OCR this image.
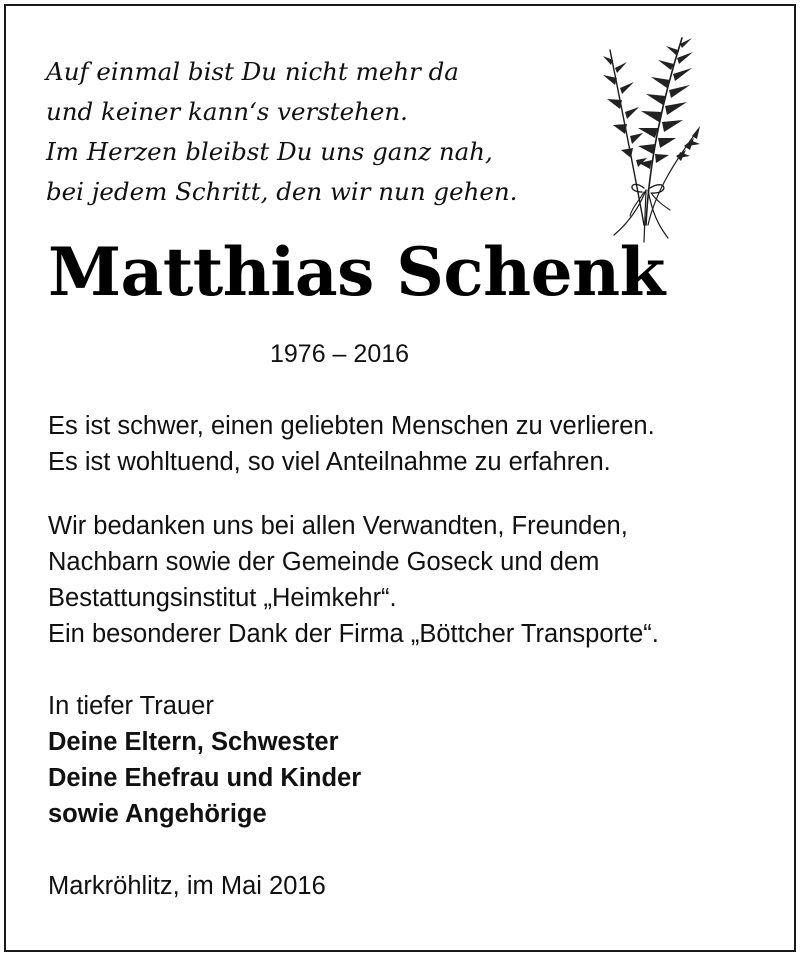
Auf einmal bist Du nicht mehr da
und keiner kann‘s verstehen.
Im Herzen bleibst Du uns ganz nah,
bei jedem Schritt, den wir nun gehen.
Matthias Schenk
1976 – 2016
Es ist schwer, einen geliebten Menschen zu verlieren.
Es ist wohltuend, so viel Anteilnahme zu erfahren.
Wir bedanken uns bei allen Verwandten, Freunden,
Nachbarn sowie der Gemeinde Goseck und dem
Bestattungsinstitut „Heimkehr“.
Ein besonderer Dank der Firma „Böttcher Transporte“.
In tiefer Trauer
Deine Eltern, Schwester
Deine Ehefrau und Kinder
sowie Angehörige
Markröhlitz, im Mai 2016
